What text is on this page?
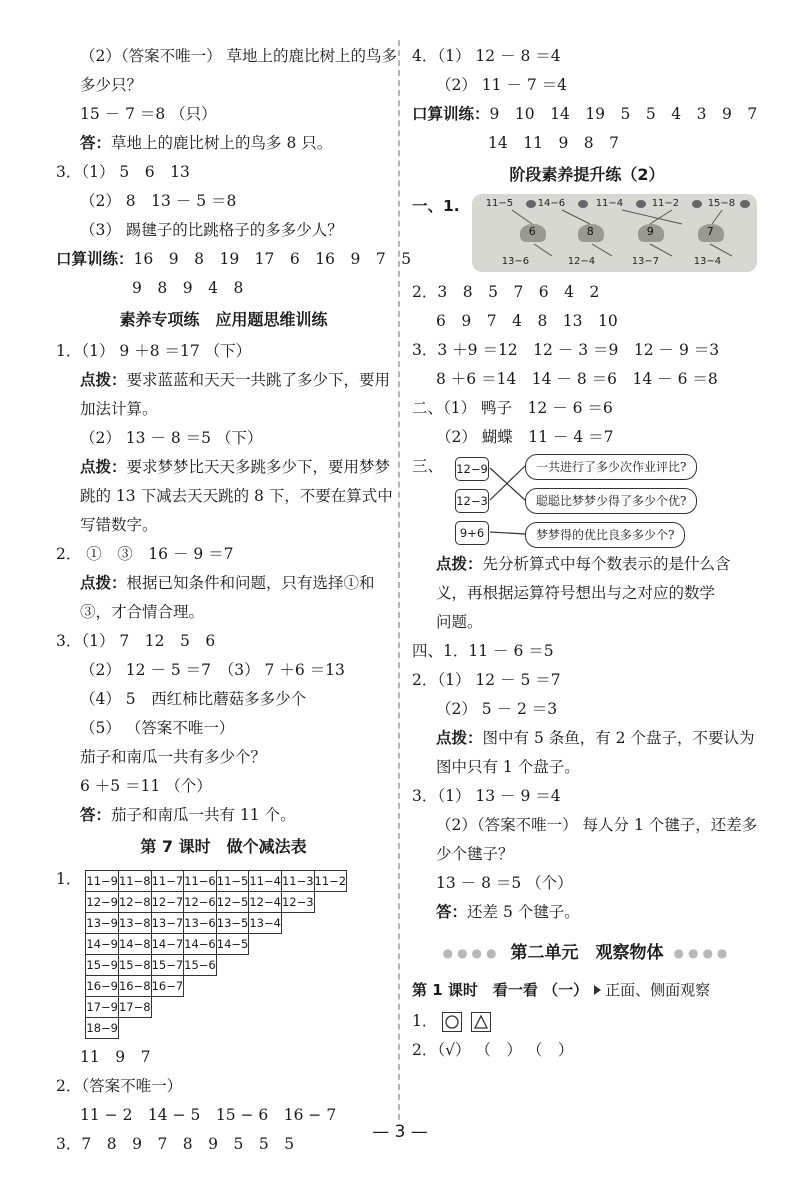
（2）（答案不唯一） 草地上的鹿比树上的鸟多
多少只？
15 － 7 ＝8 （只）
答：草地上的鹿比树上的鸟多 8 只。
3．（1） 5　6　13
（2） 8　13 － 5 ＝8
（3） 踢毽子的比跳格子的多多少人？
口算训练：16　9　8　19　17　6　16　9　7　5
9　8　9　4　8
素养专项练　应用题思维训练
1．（1） 9 ＋8 ＝17 （下）
点拨：要求蓝蓝和天天一共跳了多少下，要用
加法计算。
（2） 13 － 8 ＝5 （下）
点拨：要求梦梦比天天多跳多少下，要用梦梦
跳的 13 下减去天天跳的 8 下，不要在算式中
写错数字。
2． ①　③　16 － 9 ＝7
点拨：根据已知条件和问题，只有选择①和
③，才合情合理。
3．（1） 7　12　5　6
（2） 12 － 5 ＝7　（3） 7 ＋6 ＝13
（4） 5　西红柿比蘑菇多多少个
（5） （答案不唯一）
茄子和南瓜一共有多少个？
6 ＋5 ＝11 （个）
答：茄子和南瓜一共有 11 个。
第 7 课时　做个减法表
1． 11−9	11−8	11−7	11−6	11−5	11−4	11−3	11−2
12−9	12−8	12−7	12−6	12−5	12−4	12−3	
13−9	13−8	13−7	13−6	13−5	13−4		
14−9	14−8	14−7	14−6	14−5			
15−9	15−8	15−7	15−6				
16−9	16−8	16−7					
17−9	17−8						
18−9							
11　9　7
2．（答案不唯一）
11 − 2　14 − 5　15 − 6　16 − 7
3．7　8　9　7　8　9　5　5　5
4．（1） 12 － 8 ＝4
（2） 11 － 7 ＝4
口算训练：9　10　14　19　5　5　4　3　9　7
14　11　9　8　7
阶段素养提升练（2）
一、1.	11−5 14−6	11−4	11−2	15−8
6	8	9	7
13−6	12−4	13−7	13−4
2．3　8　5　7　6　4　2
6　9　7　4　8　13　10
3．3 ＋9 ＝12　12 － 3 ＝9　12 － 9 ＝3
8 ＋6 ＝14　14 － 8 ＝6　14 － 6 ＝8
二、（1） 鸭子　12 － 6 ＝6
（2） 蝴蝶　11 － 4 ＝7
三、 12−9
12−3
9+6
一共进行了多少次作业评比?
聪聪比梦梦少得了多少个优?
梦梦得的优比良多多少个?
点拨：先分析算式中每个数表示的是什么含
义，再根据运算符号想出与之对应的数学
问题。
四、1．11 － 6 ＝5
2．（1） 12 － 5 ＝7
（2） 5 － 2 ＝3
点拨：图中有 5 条鱼，有 2 个盘子，不要认为
图中只有 1 个盘子。
3．（1） 13 － 9 ＝4
（2）（答案不唯一） 每人分 1 个毽子，还差多
少个毽子？
13 － 8 ＝5 （个）
答：还差 5 个毽子。
●●●● 第二单元　观察物体 ●●●●
第 1 课时　看一看 （一） 正面、侧面观察
1．

2．（√） （　） （　）
— 3 —
